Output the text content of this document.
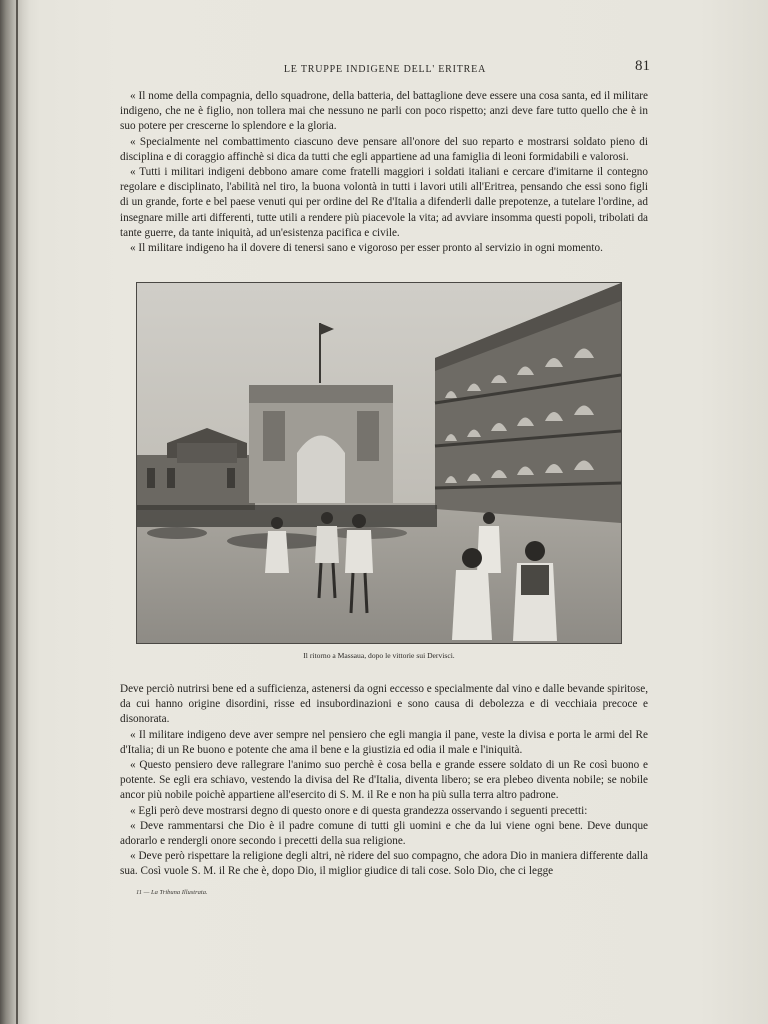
LE TRUPPE INDIGENE DELL' ERITREA	81

« Il nome della compagnia, dello squadrone, della batteria, del battaglione deve essere una cosa santa, ed il militare indigeno, che ne è figlio, non tollera mai che nessuno ne parli con poco rispetto; anzi deve fare tutto quello che è in suo potere per crescerne lo splendore e la gloria.

« Specialmente nel combattimento ciascuno deve pensare all'onore del suo reparto e mostrarsi soldato pieno di disciplina e di coraggio affinchè si dica da tutti che egli appartiene ad una famiglia di leoni formidabili e valorosi.

« Tutti i militari indigeni debbono amare come fratelli maggiori i soldati italiani e cercare d'imitarne il contegno regolare e disciplinato, l'abilità nel tiro, la buona volontà in tutti i lavori utili all'Eritrea, pensando che essi sono figli di un grande, forte e bel paese venuti qui per ordine del Re d'Italia a difenderli dalle prepotenze, a tutelare l'ordine, ad insegnare mille arti differenti, tutte utili a rendere più piacevole la vita; ad avviare insomma questi popoli, tribolati da tante guerre, da tante iniquità, ad un'esistenza pacifica e civile.

« Il militare indigeno ha il dovere di tenersi sano e vigoroso per esser pronto al servizio in ogni momento.

Il ritorno a Massaua, dopo le vittorie sui Dervisci.

Deve perciò nutrirsi bene ed a sufficienza, astenersi da ogni eccesso e specialmente dal vino e dalle bevande spiritose, da cui hanno origine disordini, risse ed insubordinazioni e sono causa di debolezza e di vecchiaia precoce e disonorata.

« Il militare indigeno deve aver sempre nel pensiero che egli mangia il pane, veste la divisa e porta le armi del Re d'Italia; di un Re buono e potente che ama il bene e la giustizia ed odia il male e l'iniquità.

« Questo pensiero deve rallegrare l'animo suo perchè è cosa bella e grande essere soldato di un Re così buono e potente. Se egli era schiavo, vestendo la divisa del Re d'Italia, diventa libero; se era plebeo diventa nobile; se nobile ancor più nobile poichè appartiene all'esercito di S. M. il Re e non ha più sulla terra altro padrone.

« Egli però deve mostrarsi degno di questo onore e di questa grandezza osservando i seguenti precetti:

« Deve rammentarsi che Dio è il padre comune di tutti gli uomini e che da lui viene ogni bene. Deve dunque adorarlo e rendergli onore secondo i precetti della sua religione.

« Deve però rispettare la religione degli altri, nè ridere del suo compagno, che adora Dio in maniera differente dalla sua. Così vuole S. M. il Re che è, dopo Dio, il miglior giudice di tali cose. Solo Dio, che ci legge

11 — La Tribuna Illustrata.
